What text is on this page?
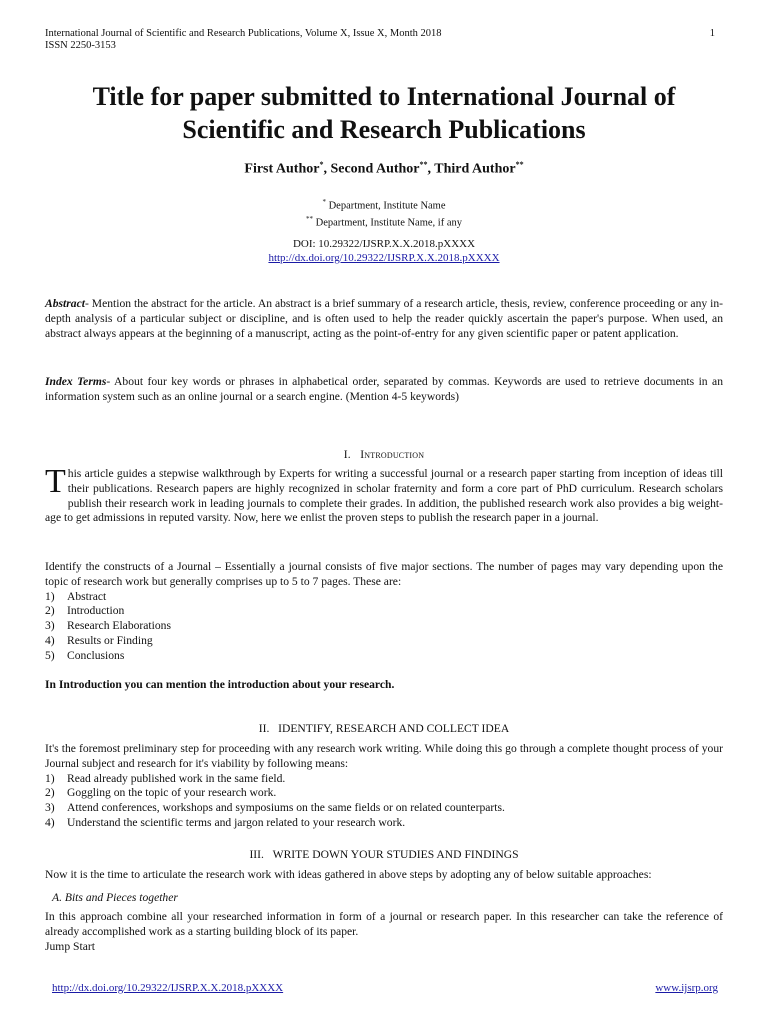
International Journal of Scientific and Research Publications, Volume X, Issue X, Month 2018
ISSN 2250-3153
1
Title for paper submitted to International Journal of Scientific and Research Publications
First Author*, Second Author**, Third Author**
* Department, Institute Name
** Department, Institute Name, if any
DOI: 10.29322/IJSRP.X.X.2018.pXXXX
http://dx.doi.org/10.29322/IJSRP.X.X.2018.pXXXX
Abstract- Mention the abstract for the article. An abstract is a brief summary of a research article, thesis, review, conference proceeding or any in-depth analysis of a particular subject or discipline, and is often used to help the reader quickly ascertain the paper's purpose. When used, an abstract always appears at the beginning of a manuscript, acting as the point-of-entry for any given scientific paper or patent application.
Index Terms- About four key words or phrases in alphabetical order, separated by commas. Keywords are used to retrieve documents in an information system such as an online journal or a search engine. (Mention 4-5 keywords)
I. Introduction
This article guides a stepwise walkthrough by Experts for writing a successful journal or a research paper starting from inception of ideas till their publications. Research papers are highly recognized in scholar fraternity and form a core part of PhD curriculum. Research scholars publish their research work in leading journals to complete their grades. In addition, the published research work also provides a big weight-age to get admissions in reputed varsity. Now, here we enlist the proven steps to publish the research paper in a journal.
Identify the constructs of a Journal – Essentially a journal consists of five major sections. The number of pages may vary depending upon the topic of research work but generally comprises up to 5 to 7 pages. These are:
1)	Abstract
2)	Introduction
3)	Research Elaborations
4)	Results or Finding
5)	Conclusions
In Introduction you can mention the introduction about your research.
II. IDENTIFY, RESEARCH AND COLLECT IDEA
It's the foremost preliminary step for proceeding with any research work writing. While doing this go through a complete thought process of your Journal subject and research for it's viability by following means:
1)	Read already published work in the same field.
2)	Goggling on the topic of your research work.
3)	Attend conferences, workshops and symposiums on the same fields or on related counterparts.
4)	Understand the scientific terms and jargon related to your research work.
III. WRITE DOWN YOUR STUDIES AND FINDINGS
Now it is the time to articulate the research work with ideas gathered in above steps by adopting any of below suitable approaches:
A. Bits and Pieces together
In this approach combine all your researched information in form of a journal or research paper. In this researcher can take the reference of already accomplished work as a starting building block of its paper.
Jump Start
http://dx.doi.org/10.29322/IJSRP.X.X.2018.pXXXX	www.ijsrp.org
